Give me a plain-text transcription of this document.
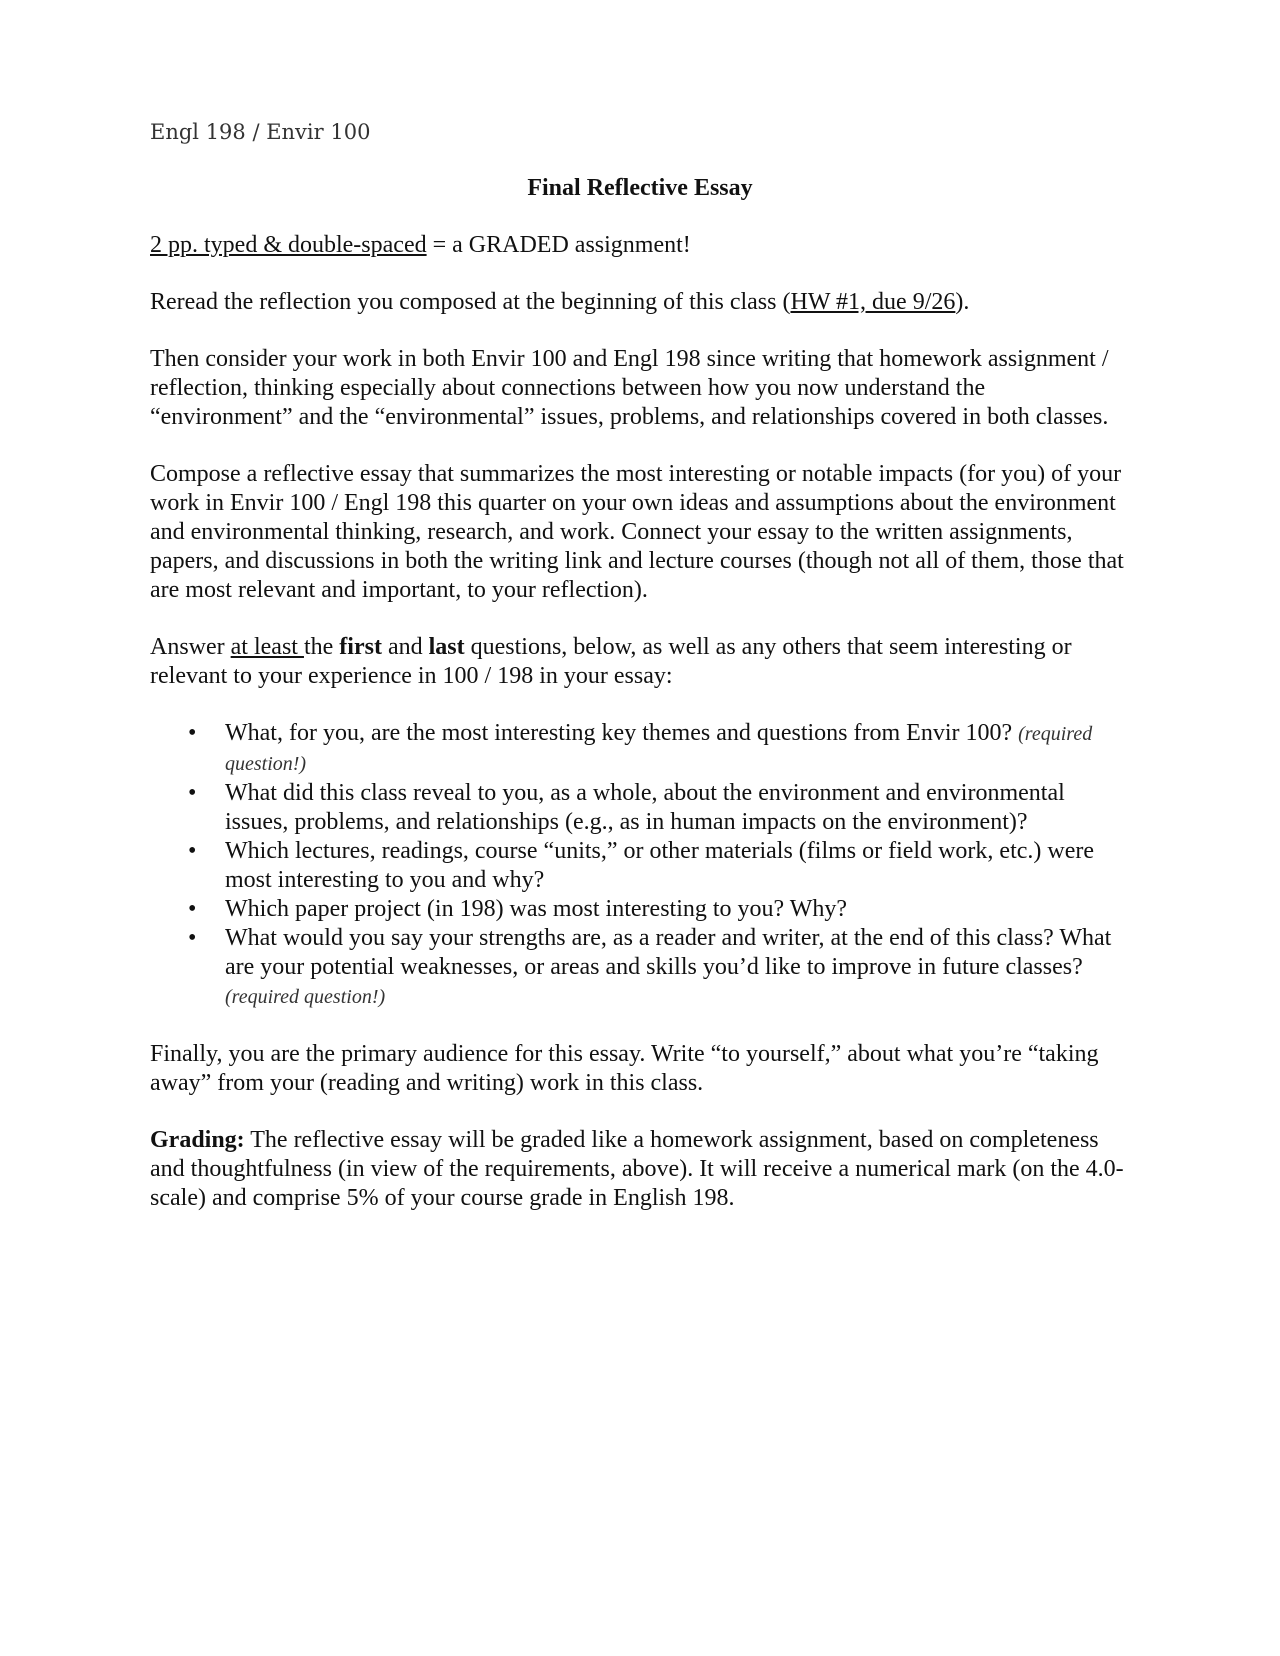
Engl 198 / Envir 100
Final Reflective Essay

2 pp. typed & double-spaced = a GRADED assignment!

Reread the reflection you composed at the beginning of this class (HW #1, due 9/26).

Then consider your work in both Envir 100 and Engl 198 since writing that homework assignment / reflection, thinking especially about connections between how you now understand the “environment” and the “environmental” issues, problems, and relationships covered in both classes.

Compose a reflective essay that summarizes the most interesting or notable impacts (for you) of your work in Envir 100 / Engl 198 this quarter on your own ideas and assumptions about the environment and environmental thinking, research, and work. Connect your essay to the written assignments, papers, and discussions in both the writing link and lecture courses (though not all of them, those that are most relevant and important, to your reflection).

Answer at least the first and last questions, below, as well as any others that seem interesting or relevant to your experience in 100 / 198 in your essay:

• What, for you, are the most interesting key themes and questions from Envir 100? (required question!)
• What did this class reveal to you, as a whole, about the environment and environmental issues, problems, and relationships (e.g., as in human impacts on the environment)?
• Which lectures, readings, course “units,” or other materials (films or field work, etc.) were most interesting to you and why?
• Which paper project (in 198) was most interesting to you? Why?
• What would you say your strengths are, as a reader and writer, at the end of this class? What are your potential weaknesses, or areas and skills you’d like to improve in future classes? (required question!)

Finally, you are the primary audience for this essay. Write “to yourself,” about what you’re “taking away” from your (reading and writing) work in this class.

Grading: The reflective essay will be graded like a homework assignment, based on completeness and thoughtfulness (in view of the requirements, above). It will receive a numerical mark (on the 4.0-scale) and comprise 5% of your course grade in English 198.
